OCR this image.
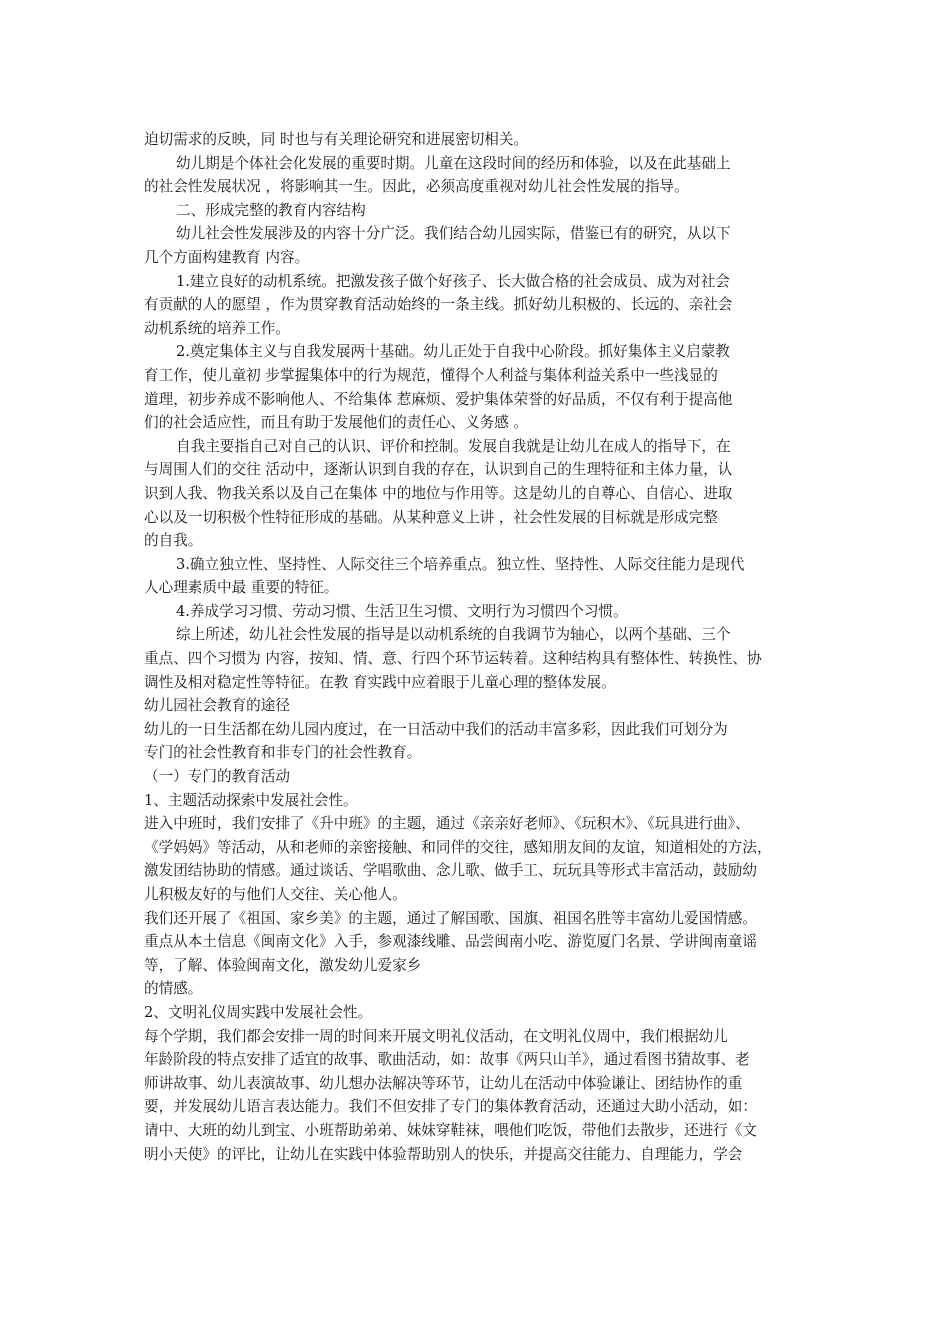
迫切需求的反映，同 时也与有关理论研究和进展密切相关。
幼儿期是个体社会化发展的重要时期。儿童在这段时间的经历和体验，以及在此基础上
的社会性发展状况 ，将影响其一生。因此，必须高度重视对幼儿社会性发展的指导。
二、形成完整的教育内容结构
幼儿社会性发展涉及的内容十分广泛。我们结合幼儿园实际，借鉴已有的研究，从以下
几个方面构建教育 内容。
1.建立良好的动机系统。把激发孩子做个好孩子、长大做合格的社会成员、成为对社会
有贡献的人的愿望 ，作为贯穿教育活动始终的一条主线。抓好幼儿积极的、长远的、亲社会
动机系统的培养工作。
2.奠定集体主义与自我发展两十基础。幼儿正处于自我中心阶段。抓好集体主义启蒙教
育工作，使儿童初 步掌握集体中的行为规范，懂得个人利益与集体利益关系中一些浅显的
道理，初步养成不影响他人、不给集体 惹麻烦、爱护集体荣誉的好品质，不仅有利于提高他
们的社会适应性，而且有助于发展他们的责任心、义务感 。
自我主要指自己对自己的认识、评价和控制。发展自我就是让幼儿在成人的指导下，在
与周围人们的交往 活动中，逐渐认识到自我的存在，认识到自己的生理特征和主体力量，认
识到人我、物我关系以及自己在集体 中的地位与作用等。这是幼儿的自尊心、自信心、进取
心以及一切积极个性特征形成的基础。从某种意义上讲 ，社会性发展的目标就是形成完整
的自我。
3.确立独立性、坚持性、人际交往三个培养重点。独立性、坚持性、人际交往能力是现代
人心理素质中最 重要的特征。
4.养成学习习惯、劳动习惯、生活卫生习惯、文明行为习惯四个习惯。
综上所述，幼儿社会性发展的指导是以动机系统的自我调节为轴心，以两个基础、三个
重点、四个习惯为 内容，按知、情、意、行四个环节运转着。这种结构具有整体性、转换性、协
调性及相对稳定性等特征。在教 育实践中应着眼于儿童心理的整体发展。
幼儿园社会教育的途径
幼儿的一日生活都在幼儿园内度过，在一日活动中我们的活动丰富多彩，因此我们可划分为
专门的社会性教育和非专门的社会性教育。
（一）专门的教育活动
1、主题活动探索中发展社会性。
进入中班时，我们安排了《升中班》的主题，通过《亲亲好老师》、《玩积木》、《玩具进行曲》、
《学妈妈》等活动，从和老师的亲密接触、和同伴的交往，感知朋友间的友谊，知道相处的方法，
激发团结协助的情感。通过谈话、学唱歌曲、念儿歌、做手工、玩玩具等形式丰富活动，鼓励幼
儿积极友好的与他们人交往、关心他人。
我们还开展了《祖国、家乡美》的主题，通过了解国歌、国旗、祖国名胜等丰富幼儿爱国情感。
重点从本土信息《闽南文化》入手，参观漆线雕、品尝闽南小吃、游览厦门名景、学讲闽南童谣
等，了解、体验闽南文化，激发幼儿爱家乡
的情感。
2、文明礼仪周实践中发展社会性。
每个学期，我们都会安排一周的时间来开展文明礼仪活动，在文明礼仪周中，我们根据幼儿
年龄阶段的特点安排了适宜的故事、歌曲活动，如：故事《两只山羊》，通过看图书猜故事、老
师讲故事、幼儿表演故事、幼儿想办法解决等环节，让幼儿在活动中体验谦让、团结协作的重
要，并发展幼儿语言表达能力。我们不但安排了专门的集体教育活动，还通过大助小活动，如：
请中、大班的幼儿到宝、小班帮助弟弟、妹妹穿鞋袜，喂他们吃饭，带他们去散步，还进行《文
明小天使》的评比，让幼儿在实践中体验帮助别人的快乐，并提高交往能力、自理能力，学会
